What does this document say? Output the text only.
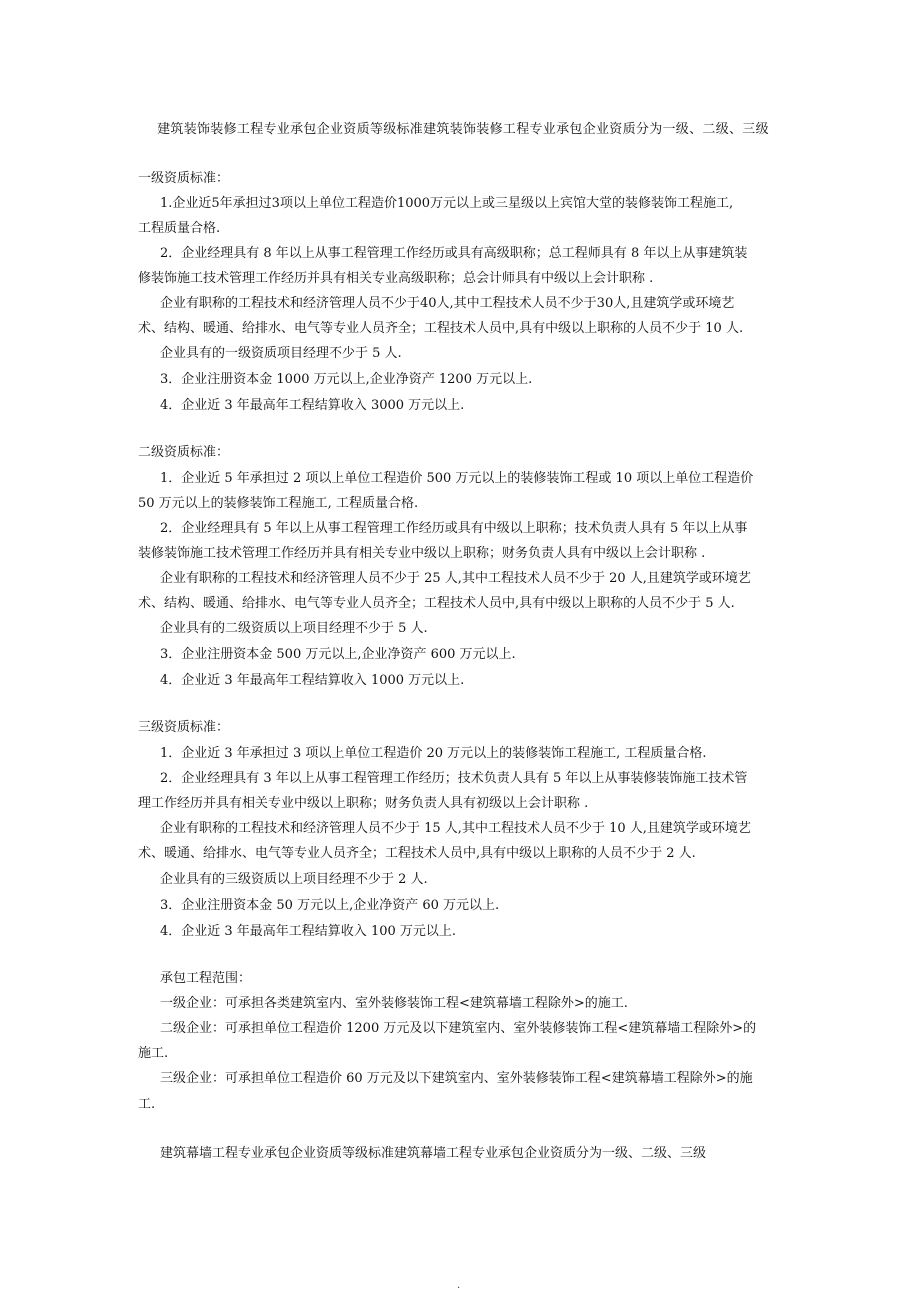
建筑装饰装修工程专业承包企业资质等级标准建筑装饰装修工程专业承包企业资质分为一级、二级、三级
一级资质标准：
1.企业近5年承担过3项以上单位工程造价1000万元以上或三星级以上宾馆大堂的装修装饰工程施工,
工程质量合格.
2．企业经理具有 8 年以上从事工程管理工作经历或具有高级职称；总工程师具有 8 年以上从事建筑装
修装饰施工技术管理工作经历并具有相关专业高级职称；总会计师具有中级以上会计职称 .
企业有职称的工程技术和经济管理人员不少于40人,其中工程技术人员不少于30人,且建筑学或环境艺
术、结构、暖通、给排水、电气等专业人员齐全；工程技术人员中,具有中级以上职称的人员不少于 10 人.
企业具有的一级资质项目经理不少于 5 人.
3．企业注册资本金 1000 万元以上,企业净资产 1200 万元以上.
4．企业近 3 年最高年工程结算收入 3000 万元以上.
二级资质标准：
1．企业近 5 年承担过 2 项以上单位工程造价 500 万元以上的装修装饰工程或 10 项以上单位工程造价
50 万元以上的装修装饰工程施工, 工程质量合格.
2．企业经理具有 5 年以上从事工程管理工作经历或具有中级以上职称；技术负责人具有 5 年以上从事
装修装饰施工技术管理工作经历并具有相关专业中级以上职称；财务负责人具有中级以上会计职称 .
企业有职称的工程技术和经济管理人员不少于 25 人,其中工程技术人员不少于 20 人,且建筑学或环境艺
术、结构、暖通、给排水、电气等专业人员齐全；工程技术人员中,具有中级以上职称的人员不少于 5 人.
企业具有的二级资质以上项目经理不少于 5 人.
3．企业注册资本金 500 万元以上,企业净资产 600 万元以上.
4．企业近 3 年最高年工程结算收入 1000 万元以上.
三级资质标准：
1．企业近 3 年承担过 3 项以上单位工程造价 20 万元以上的装修装饰工程施工, 工程质量合格.
2．企业经理具有 3 年以上从事工程管理工作经历；技术负责人具有 5 年以上从事装修装饰施工技术管
理工作经历并具有相关专业中级以上职称；财务负责人具有初级以上会计职称 .
企业有职称的工程技术和经济管理人员不少于 15 人,其中工程技术人员不少于 10 人,且建筑学或环境艺
术、暖通、给排水、电气等专业人员齐全；工程技术人员中,具有中级以上职称的人员不少于 2 人.
企业具有的三级资质以上项目经理不少于 2 人.
3．企业注册资本金 50 万元以上,企业净资产 60 万元以上.
4．企业近 3 年最高年工程结算收入 100 万元以上.
承包工程范围：
一级企业：可承担各类建筑室内、室外装修装饰工程<建筑幕墙工程除外>的施工.
二级企业：可承担单位工程造价 1200 万元及以下建筑室内、室外装修装饰工程<建筑幕墙工程除外>的
施工.
三级企业：可承担单位工程造价 60 万元及以下建筑室内、室外装修装饰工程<建筑幕墙工程除外>的施
工.
建筑幕墙工程专业承包企业资质等级标准建筑幕墙工程专业承包企业资质分为一级、二级、三级
.
